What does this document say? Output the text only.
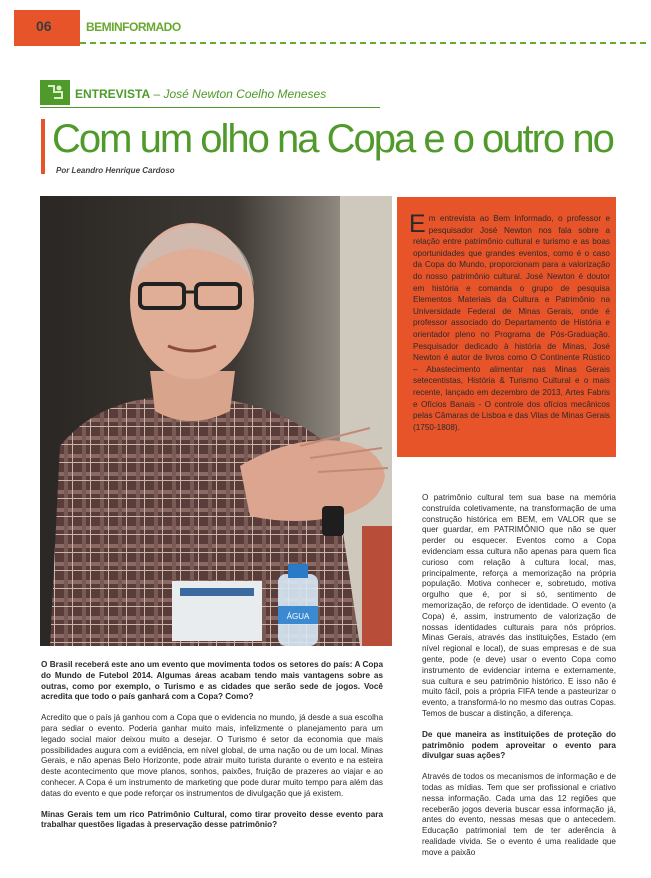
06	BEMINFORMADO
ENTREVISTA – José Newton Coelho Meneses
Com um olho na Copa e o outro no
Por Leandro Henrique Cardoso
ÁGUA

Em entrevista ao Bem Informado, o professor e pesquisador José Newton nos fala sobre a relação entre patrimônio cultural e turismo e as boas oportunidades que grandes eventos, como é o caso da Copa do Mundo, proporcionam para a valorização do nosso patrimônio cultural. José Newton é doutor em história e comanda o grupo de pesquisa Elementos Materiais da Cultura e Patrimônio na Universidade Federal de Minas Gerais, onde é professor associado do Departamento de História e orientador pleno no Programa de Pós-Graduação. Pesquisador dedicado à história de Minas, José Newton é autor de livros como O Continente Rústico – Abastecimento alimentar nas Minas Gerais setecentistas, História & Turismo Cultural e o mais recente, lançado em dezembro de 2013, Artes Fabris e Ofícios Banais - O controle dos ofícios mecânicos pelas Câmaras de Lisboa e das Vilas de Minas Gerais (1750-1808).

O Brasil receberá este ano um evento que movimenta todos os setores do país: A Copa do Mundo de Futebol 2014. Algumas áreas acabam tendo mais vantagens sobre as outras, como por exemplo, o Turismo e as cidades que serão sede de jogos. Você acredita que todo o país ganhará com a Copa? Como?

Acredito que o país já ganhou com a Copa que o evidencia no mundo, já desde a sua escolha para sediar o evento. Poderia ganhar muito mais, infelizmente o planejamento para um legado social maior deixou muito a desejar. O Turismo é setor da economia que mais possibilidades augura com a evidência, em nível global, de uma nação ou de um local. Minas Gerais, e não apenas Belo Horizonte, pode atrair muito turista durante o evento e na esteira deste acontecimento que move planos, sonhos, paixões, fruição de prazeres ao viajar e ao conhecer. A Copa é um instrumento de marketing que pode durar muito tempo para além das datas do evento e que pode reforçar os instrumentos de divulgação que já existem.

Minas Gerais tem um rico Patrimônio Cultural, como tirar proveito desse evento para trabalhar questões ligadas à preservação desse patrimônio?

O patrimônio cultural tem sua base na memória construída coletivamente, na transformação de uma construção histórica em BEM, em VALOR que se quer guardar, em PATRIMÔNIO que não se quer perder ou esquecer. Eventos como a Copa evidenciam essa cultura não apenas para quem fica curioso com relação à cultura local, mas, principalmente, reforça a memorização na própria população. Motiva conhecer e, sobretudo, motiva orgulho que é, por si só, sentimento de memorização, de reforço de identidade. O evento (a Copa) é, assim, instrumento de valorização de nossas identidades culturais para nós próprios. Minas Gerais, através das instituições, Estado (em nível regional e local), de suas empresas e de sua gente, pode (e deve) usar o evento Copa como instrumento de evidenciar interna e externamente, sua cultura e seu patrimônio histórico. E isso não é muito fácil, pois a própria FIFA tende a pasteurizar o evento, a transformá-lo no mesmo das outras Copas. Temos de buscar a distinção, a diferença.

De que maneira as instituições de proteção do patrimônio podem aproveitar o evento para divulgar suas ações?

Através de todos os mecanismos de informação e de todas as mídias. Tem que ser profissional e criativo nessa informação. Cada uma das 12 regiões que receberão jogos deveria buscar essa informação já, antes do evento, nessas mesas que o antecedem. Educação patrimonial tem de ter aderência à realidade vivida. Se o evento é uma realidade que move a paixão
